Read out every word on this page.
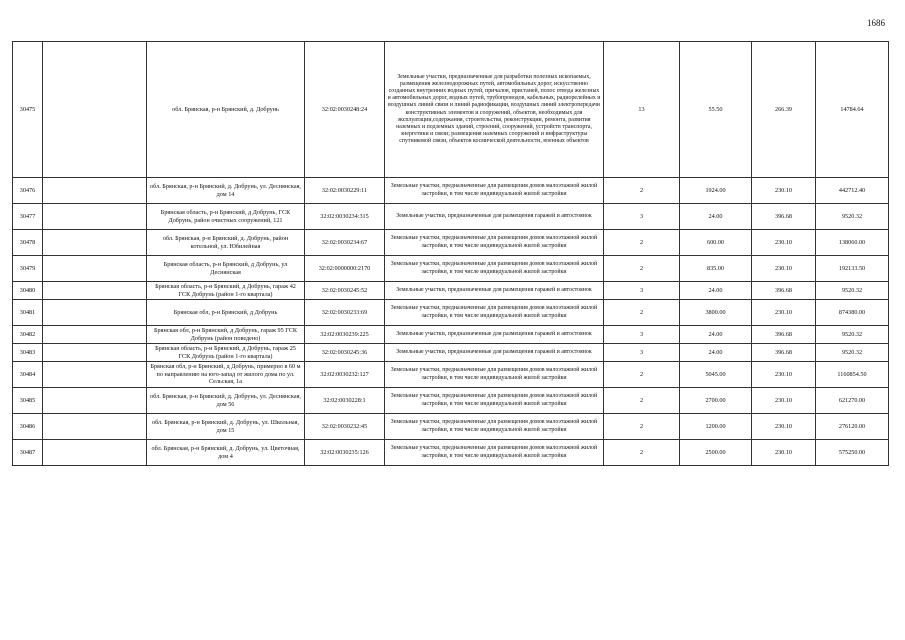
1686
30475		обл. Брянская, р-н Брянский, д. Добрунь	32:02:0030248:24	Земельные участки, предназначенные для разработки полезных ископаемых, размещения железнодорожных путей, автомобильных дорог, искусственно созданных внутренних водных путей, причалов, пристаней, полос отвода железных и автомобильных дорог, водных путей, трубопроводов, кабельных, радиорелейных и воздушных линий связи и линий радиофикации, воздушных линий электропередачи конструктивных элементов и сооружений, объектов, необходимых для эксплуатации,содержания, строительства, реконструкции, ремонта, развития наземных и подземных зданий, строений, сооружений, устройств транспорта, энергетики и связи; размещения наземных сооружений и инфраструктуры спутниковой связи, объектов космической деятельности, военных объектов	13	55.50	266.39	14784.64
30476		обл. Брянская, р-н Брянский, д. Добрунь, ул. Деснянская, дом 14	32:02:0030229:11	Земельные участки, предназначенные для размещения домов малоэтажной жилой застройки, в том числе индивидуальной жилой застройки	2	1924.00	230.10	442712.40
30477		Брянская область, р-н Брянский, д Добрунь, ГСК Добрунь, район очистных сооружений, 121	32:02:0030234:315	Земельные участки, предназначенные для размещения гаражей и автостоянок	3	24.00	396.68	9520.32
30478		обл. Брянская, р-н Брянский, д. Добрунь, район котельной, ул. Юбилейная	32:02:0030234:67	Земельные участки, предназначенные для размещения домов малоэтажной жилой застройки, в том числе индивидуальной жилой застройки	2	600.00	230.10	138060.00
30479		Брянская область, р-н Брянский, д Добрунь, ул Деснянская	32:02:0000000:2170	Земельные участки, предназначенные для размещения домов малоэтажной жилой застройки, в том числе индивидуальной жилой застройки	2	835.00	230.10	192133.50
30480		Брянская область, р-н Брянский, д Добрунь, гараж 42 ГСК Добрунь (район 1-го квартала)	32:02:0030245:52	Земельные участки, предназначенные для размещения гаражей и автостоянок	3	24.00	396.68	9520.32
30481		Брянская обл, р-н Брянский, д Добрунь	32:02:0030233:69	Земельные участки, предназначенные для размещения домов малоэтажной жилой застройки, в том числе индивидуальной жилой застройки	2	3800.00	230.10	874380.00
30482		Брянская обл, р-н Брянский, д Добрунь, гараж 95 ГСК Добрунь (район поведено)	32:02:0030239:225	Земельные участки, предназначенные для размещения гаражей и автостоянок	3	24.00	396.68	9520.32
30483		Брянская область, р-н Брянский, д Добрунь, гараж 25 ГСК Добрунь (район 1-го квартала)	32:02:0030245:36	Земельные участки, предназначенные для размещения гаражей и автостоянок	3	24.00	396.68	9520.32
30484		Брянская обл, р-н Брянский, д Добрунь, примерно в 60 м по направлению на юго-запад от жилого дома по ул. Сельская, 1а	32:02:0030232:127	Земельные участки, предназначенные для размещения домов малоэтажной жилой застройки, в том числе индивидуальной жилой застройки	2	5045.00	230.10	1160854.50
30485		обл. Брянская, р-н Брянский, д. Добрунь, ул. Деснянская, дом 56	32:02:0030228:1	Земельные участки, предназначенные для размещения домов малоэтажной жилой застройки, в том числе индивидуальной жилой застройки	2	2700.00	230.10	621270.00
30486		обл. Брянская, р-н Брянский, д. Добрунь, ул. Школьная, дом 15	32:02:0030232:45	Земельные участки, предназначенные для размещения домов малоэтажной жилой застройки, в том числе индивидуальной жилой застройки	2	1200.00	230.10	276120.00
30487		обл. Брянская, р-н Брянский, д. Добрунь, ул. Цветочная, дом 4	32:02:0030235:126	Земельные участки, предназначенные для размещения домов малоэтажной жилой застройки, в том числе индивидуальной жилой застройки	2	2500.00	230.10	575250.00
